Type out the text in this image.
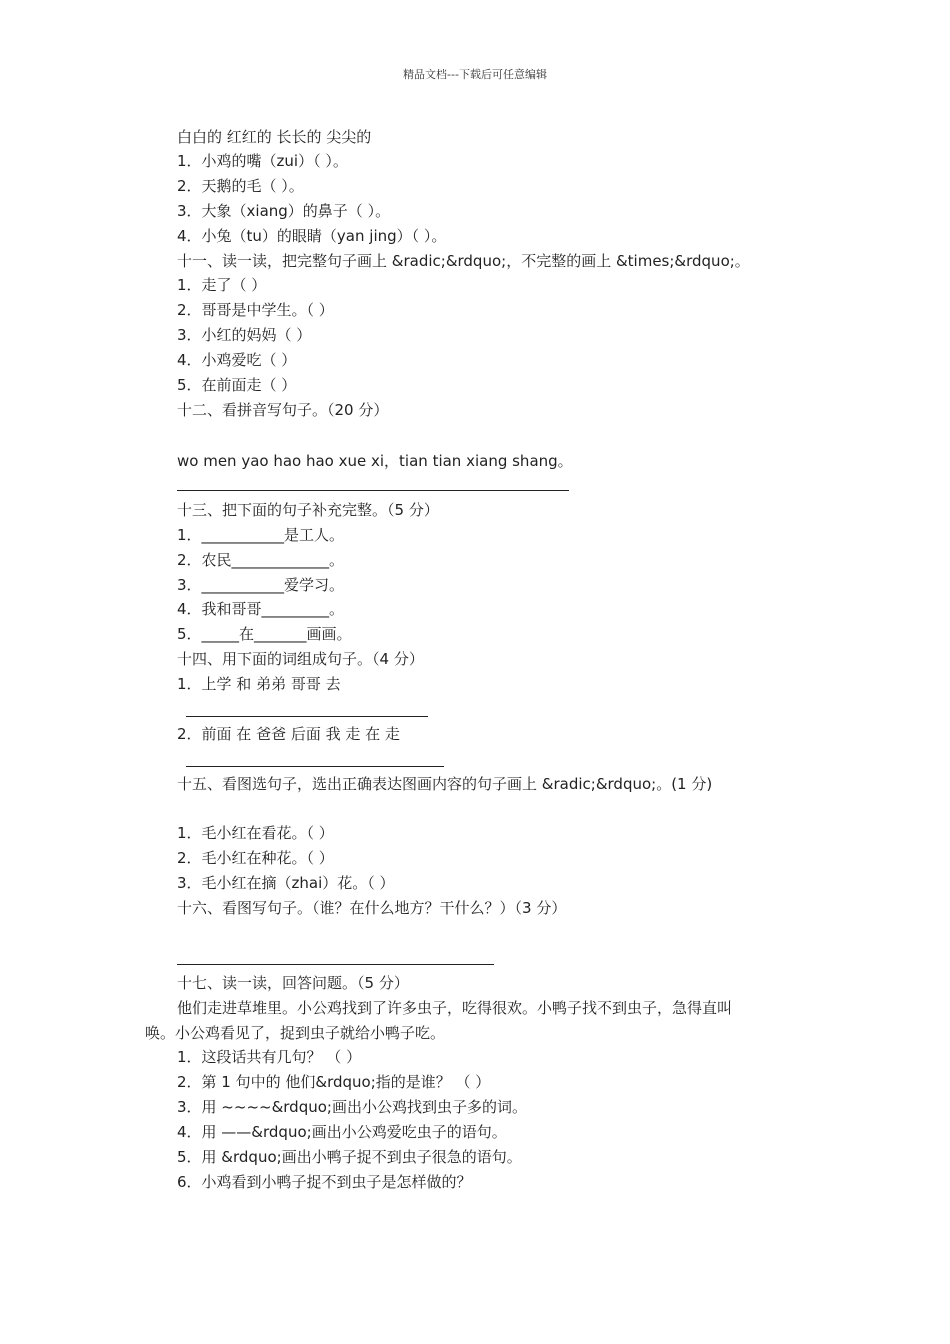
精品文档---下载后可任意编辑
白白的 红红的 长长的 尖尖的
1．小鸡的嘴（zui）（ ）。
2．天鹅的毛（ ）。
3．大象（xiang）的鼻子（ ）。
4．小兔（tu）的眼睛（yan jing）（ ）。
十一、读一读，把完整句子画上 &radic;&rdquo;，不完整的画上 &times;&rdquo;。
1．走了（ ）
2．哥哥是中学生。（ ）
3．小红的妈妈（ ）
4．小鸡爱吃（ ）
5．在前面走（ ）
十二、看拼音写句子。（20 分）
wo men yao hao hao xue xi，tian tian xiang shang。
十三、把下面的句子补充完整。（5 分）
1．___________是工人。
2．农民_____________。
3．___________爱学习。
4．我和哥哥_________。
5．_____在_______画画。
十四、用下面的词组成句子。（4 分）
1．上学 和 弟弟 哥哥 去
2．前面 在 爸爸 后面 我 走 在 走
十五、看图选句子，选出正确表达图画内容的句子画上 &radic;&rdquo;。(1 分)
1．毛小红在看花。（ ）
2．毛小红在种花。（ ）
3．毛小红在摘（zhai）花。（ ）
十六、看图写句子。（谁？在什么地方？干什么？）（3 分）
十七、读一读，回答问题。（5 分）
他们走进草堆里。小公鸡找到了许多虫子，吃得很欢。小鸭子找不到虫子，急得直叫
唤。小公鸡看见了，捉到虫子就给小鸭子吃。
1．这段话共有几句？ （ ）
2．第 1 句中的 他们&rdquo;指的是谁？ （ ）
3．用 ~~~~&rdquo;画出小公鸡找到虫子多的词。
4．用 ——&rdquo;画出小公鸡爱吃虫子的语句。
5．用 &rdquo;画出小鸭子捉不到虫子很急的语句。
6．小鸡看到小鸭子捉不到虫子是怎样做的？
